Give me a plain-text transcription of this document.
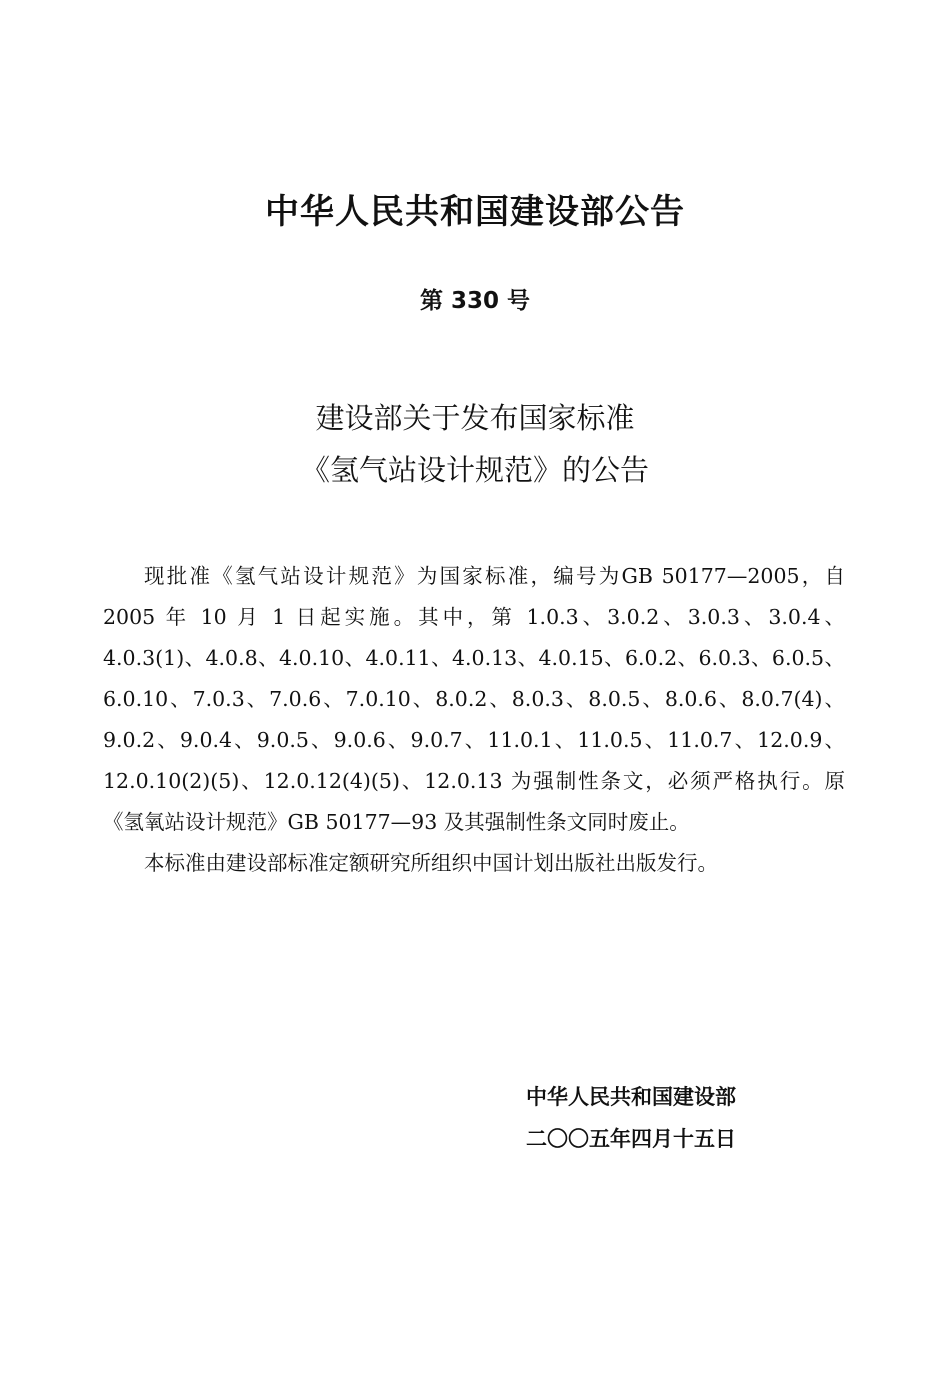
中华人民共和国建设部公告
第 330 号
建设部关于发布国家标准
《氢气站设计规范》的公告

现批准《氢气站设计规范》为国家标准，编号为GB 50177—2005，自 2005 年 10 月 1 日起实施。其中，第 1.0.3、3.0.2、3.0.3、3.0.4、4.0.3(1)、4.0.8、4.0.10、4.0.11、4.0.13、4.0.15、6.0.2、6.0.3、6.0.5、6.0.10、7.0.3、7.0.6、7.0.10、8.0.2、8.0.3、8.0.5、8.0.6、8.0.7(4)、9.0.2、9.0.4、9.0.5、9.0.6、9.0.7、11.0.1、11.0.5、11.0.7、12.0.9、12.0.10(2)(5)、12.0.12(4)(5)、12.0.13 为强制性条文，必须严格执行。原《氢氧站设计规范》GB 50177—93 及其强制性条文同时废止。

本标准由建设部标准定额研究所组织中国计划出版社出版发行。

中华人民共和国建设部
二〇〇五年四月十五日
